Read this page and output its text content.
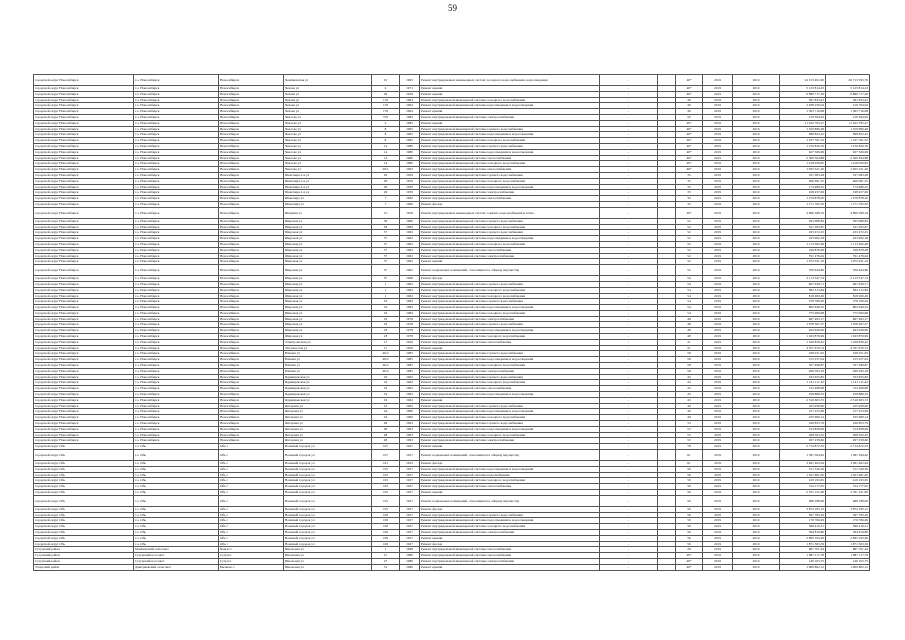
59
городской округ Новосибирск	г.о. Новосибирск	Новосибирск	Чемпионская ул	10	1993	Ремонт внутридомовых инженерных систем: холодного водоснабжения, водоотведения	-		46*	2019	2019	24 153 491,00	20 713 595,76
городской округ Новосибирск	г.о. Новосибирск	Новосибирск	Чехова ул	4	1971	Ремонт крыши	-		46*	2019	2019	5 123 814,23	5 123 814,23
городской округ Новосибирск	г.о. Новосибирск	Новосибирск	Чехова ул	49	1959	Ремонт крыши	-		46*	2019	2019	6 889 717,56	6 889 717,56
городской округ Новосибирск	г.о. Новосибирск	Новосибирск	Чехова ул	176	1964	Ремонт внутридомовой инженерной системы холодного водоснабжения	-		49	2019	2019	581 833,43	581 833,43
городской округ Новосибирск	г.о. Новосибирск	Новосибирск	Чехова ул	176	1964	Ремонт внутридомовой инженерной системы водоотведения и водоотведения	-		49	2019	2019	2 638 256,04	216 764,04
городской округ Новосибирск	г.о. Новосибирск	Новосибирск	Чехова ул	176	1964	Ремонт крыши	-		49	2019	2019	1 563 716,98	1 563 716,98
городской округ Новосибирск	г.о. Новосибирск	Новосибирск	Чкалова ул	579	1984	Ремонт внутридомовой инженерной системы электроснабжения	-		50	2019	2019	216 394,04	216 394,04
городской округ Новосибирск	г.о. Новосибирск	Новосибирск	Чкалова ул	2	1985	Ремонт крыши	-		46*	2019	2019	11 022 795,27	11 022 795,27
городской округ Новосибирск	г.о. Новосибирск	Новосибирск	Чкалова ул	8	1965	Ремонт внутридомовой инженерной системы горячего водоснабжения	-		46*	2019	2019	1 109 896,48	1 109 896,48
городской округ Новосибирск	г.о. Новосибирск	Новосибирск	Чкалова ул	8	1965	Ремонт внутридомовой инженерной системы водоотведения и водоотведения	-		46*	2019	2019	698 823,22	698 823,22
городской округ Новосибирск	г.о. Новосибирск	Новосибирск	Чкалова ул	8	1965	Ремонт внутридомовой инженерной системы холодного водоснабжения	-		46*	2019	2019	1 237 761,52	1 237 761,52
городской округ Новосибирск	г.о. Новосибирск	Новосибирск	Чкалова ул	14	1980	Ремонт внутридомовой инженерной системы горячего водоснабжения	-		46*	2019	2019	1 150 820,76	1 150 820,76
городской округ Новосибирск	г.о. Новосибирск	Новосибирск	Чкалова ул	14	1980	Ремонт внутридомовой инженерной системы водоотведения и водоотведения	-		46*	2019	2019	927 506,99	927 506,99
городской округ Новосибирск	г.о. Новосибирск	Новосибирск	Чкалова ул	14	1980	Ремонт внутридомовой инженерной системы теплоснабжения	-		46*	2019	2019	2 309 364,88	2 309 364,88
городской округ Новосибирск	г.о. Новосибирск	Новосибирск	Чкалова ул	14	1980	Ремонт внутридомовой инженерной системы холодного водоснабжения	-		46*	2019	2019	1 418 056,85	1 418 056,85
городской округ Новосибирск	г.о. Новосибирск	Новосибирск	Чкалова ул	20/1	1963	Ремонт внутридомовой инженерной системы теплоснабжения	-		46*	2019	2019	1 955 521,20	1 955 521,20
городской округ Новосибирск	г.о. Новосибирск	Новосибирск	Шекспира 2-я ул	29	1959	Ремонт внутридомовой инженерной системы горячего водоснабжения	-		35	2019	2019	197 083,28	197 083,28
городской округ Новосибирск	г.о. Новосибирск	Новосибирск	Шекспира 2-я ул	29	1959	Ремонт внутридомовой инженерной системы холодного водоснабжения	-		35	2019	2019	466 691,55	466 691,55
городской округ Новосибирск	г.о. Новосибирск	Новосибирск	Шекспира 2-я ул	29	1959	Ремонт внутридомовой инженерной системы водоотведения и водоотведения	-		35	2019	2019	174 989,52	174 989,52
городской округ Новосибирск	г.о. Новосибирск	Новосибирск	Шекспира 2-я ул	29	1959	Ремонт внутридомовой инженерной системы электроснабжения	-		35	2019	2019	198 457,09	198 457,09
городской округ Новосибирск	г.о. Новосибирск	Новосибирск	Шекспира ул	7	1960	Ремонт внутридомовой инженерной системы теплоснабжения	-		35	2019	2019	1 279 878,20	1 279 878,20
городской округ Новосибирск	г.о. Новосибирск	Новосибирск	Шекспира ул	7	1960	Ремонт фасада	-		35	2019	2019	1 171 765,50	1 171 765,50
городской округ Новосибирск	г.о. Новосибирск	Новосибирск	Шершня ул	1/1	1958	Ремонт внутридомовых инженерных систем: горячего водоснабжения и тепло	-		46*	2019	2019	4 866 398,19	4 866 398,19
городской округ Новосибирск	г.о. Новосибирск	Новосибирск	Широкая ул	59	1960	Ремонт внутридомовой инженерной системы горячего водоснабжения	-		52	2019	2019	293 986,84	293 986,84
городской округ Новосибирск	г.о. Новосибирск	Новосибирск	Широкая ул	59	1960	Ремонт внутридомовой инженерной системы холодного водоснабжения	-		52	2019	2019	521 283,87	521 283,87
городской округ Новосибирск	г.о. Новосибирск	Новосибирск	Широкая ул	57	1962	Ремонт внутридомовой инженерной системы горячего водоснабжения	-		52	2019	2019	433 472,25	433 472,25
городской округ Новосибирск	г.о. Новосибирск	Новосибирск	Широкая ул	57	1962	Ремонт внутридомовой инженерной системы водоотведения и водоотведения	-		52	2019	2019	163 992,18	163 992,18
городской округ Новосибирск	г.о. Новосибирск	Новосибирск	Широкая ул	57	1962	Ремонт внутридомовой инженерной системы холодного водоснабжения	-		52	2019	2019	1 113 362,48	1 113 362,48
городской округ Новосибирск	г.о. Новосибирск	Новосибирск	Широкая ул	57	1962	Ремонт внутридомовой инженерной системы теплоснабжения	-		52	2019	2019	196 878,28	196 878,28
городской округ Новосибирск	г.о. Новосибирск	Новосибирск	Широкая ул	57	1962	Ремонт внутридомовой инженерной системы электроснабжения	-		52	2019	2019	791 476,04	791 476,04
городской округ Новосибирск	г.о. Новосибирск	Новосибирск	Широкая ул	57	1962	Ремонт крыши	-		52	2019	2019	1 972 031,19	1 972 031,19
городской округ Новосибирск	г.о. Новосибирск	Новосибирск	Широкая ул	57	1962	Ремонт подвальных помещений, относящихся к общему имуществу	-		52	2019	2019	706 644,66	706 644,66
городской округ Новосибирск	г.о. Новосибирск	Новосибирск	Широкая ул	57	1968	Ремонт фасада	-		54	2019	2019	2 113 547,74	2 113 547,74
городской округ Новосибирск	г.о. Новосибирск	Новосибирск	Широкая ул	1	1962	Ремонт внутридомовой инженерной системы горячего водоснабжения	-		54	2019	2019	667 639,71	667 639,71
городской округ Новосибирск	г.о. Новосибирск	Новосибирск	Широкая ул	1	1962	Ремонт внутридомовой инженерной системы холодного водоснабжения	-		54	2019	2019	584 313,84	584 313,84
городской округ Новосибирск	г.о. Новосибирск	Новосибирск	Широкая ул	1	1962	Ремонт внутридомовой инженерной системы холодного водоснабжения	-		54	2019	2019	818 269,49	818 269,49
городской округ Новосибирск	г.о. Новосибирск	Новосибирск	Широкая ул	16	1984	Ремонт внутридомовой инженерной системы горячего водоснабжения	-		54	2019	2019	378 766,29	378 766,29
городской округ Новосибирск	г.о. Новосибирск	Новосибирск	Широкая ул	16	1984	Ремонт внутридомовой инженерной системы водоотведения и водоотведения	-		54	2019	2019	862 646,32	862 646,32
городской округ Новосибирск	г.о. Новосибирск	Новосибирск	Широкая ул	16	1984	Ремонт внутридомовой инженерной системы холодного водоснабжения	-		54	2019	2019	775 060,98	775 060,98
городской округ Новосибирск	г.о. Новосибирск	Новосибирск	Широкая ул	18	1978	Ремонт внутридомовой инженерной системы электроснабжения	-		48	2019	2019	667 493,17	667 493,17
городской округ Новосибирск	г.о. Новосибирск	Новосибирск	Широкая ул	18	1978	Ремонт внутридомовой инженерной системы горячего водоснабжения	-		48	2019	2019	1 678 367,57	1 678 367,57
городской округ Новосибирск	г.о. Новосибирск	Новосибирск	Широкая ул	18	1978	Ремонт внутридомовой инженерной системы водоотведения и водоотведения	-		48	2019	2019	943 949,06	943 949,06
городской округ Новосибирск	г.о. Новосибирск	Новосибирск	Широкая ул	18	1978	Ремонт внутридомовой инженерной системы холодного водоснабжения	-		48	2019	2019	1 023 879,99	1 023 879,99
городской округ Новосибирск	г.о. Новосибирск	Новосибирск	Электровозная ул	17	1956	Ремонт внутридомовой инженерной системы теплоснабжения	-		21	2019	2019	1 166 839,42	1 166 839,42
городской округ Новосибирск	г.о. Новосибирск	Новосибирск	Энтузиастов ул	17	1956	Ремонт крыши	-		21	2019	2019	4 707 670,74	4 707 670,74
городской округ Новосибирск	г.о. Новосибирск	Новосибирск	Южная ул	46/2	1985	Ремонт внутридомовой инженерной системы горячего водоснабжения	-		58	2019	2019	168 251,65	168 251,65
городской округ Новосибирск	г.о. Новосибирск	Новосибирск	Южная ул	46/2	1985	Ремонт внутридомовой инженерной системы водоотведения и водоотведения	-		58	2019	2019	155 237,04	155 237,04
городской округ Новосибирск	г.о. Новосибирск	Новосибирск	Южная ул	46/2	1985	Ремонт внутридомовой инженерной системы холодного водоснабжения	-		58	2019	2019	327 496,87	327 496,87
городской округ Новосибирск	г.о. Новосибирск	Новосибирск	Южная ул	46/2	1985	Ремонт внутридомовой инженерной системы электроснабжения	-		58	2019	2019	299 593,18	299 593,18
городской округ Новосибирск	г.о. Новосибирск	Новосибирск	Ядринцевская ул	19	1962	Ремонт внутридомовой инженерной системы горячего водоснабжения	-		43	2019	2019	533 655,82	533 655,82
городской округ Новосибирск	г.о. Новосибирск	Новосибирск	Ядринцевская ул	19	1962	Ремонт внутридомовой инженерной системы холодного водоснабжения	-		43	2019	2019	1 141 111,42	1 141 111,42
городской округ Новосибирск	г.о. Новосибирск	Новосибирск	Ядринцевская ул	19	1962	Ремонт внутридомовой инженерной системы теплоснабжения	-		43	2019	2019	722 468,98	722 468,98
городской округ Новосибирск	г.о. Новосибирск	Новосибирск	Ядринцевская ул	19	1962	Ремонт внутридомовой инженерной системы водоотведения и водоотведения	-		43	2019	2019	458 886,53	458 886,53
городской округ Новосибирск	г.о. Новосибирск	Новосибирск	Ядринцевская ул	19	1962	Ремонт крыши	-		43	2019	2019	2 316 603,72	2 316 603,72
городской округ Новосибирск	г.о. Новосибирск	Новосибирск	Янтарная ул	41	1995	Ремонт внутридомовой инженерной системы горячего водоснабжения	-		49	2019	2019	165 958,00	165 958,00
городской округ Новосибирск	г.о. Новосибирск	Новосибирск	Янтарная ул	44	1990	Ремонт внутридомовой инженерной системы водоотведения и водоотведения	-		49	2019	2019	157 253,69	157 253,69
городской округ Новосибирск	г.о. Новосибирск	Новосибирск	Янтарная ул	44	1990	Ремонт внутридомовой инженерной системы холодного водоснабжения	-		49	2019	2019	235 669,14	235 669,14
городской округ Новосибирск	г.о. Новосибирск	Новосибирск	Янтарная ул	48	1993	Ремонт внутридомовой инженерной системы горячего водоснабжения	-		53	2019	2019	166 853,79	166 853,79
городской округ Новосибирск	г.о. Новосибирск	Новосибирск	Янтарная ул	48	1993	Ремонт внутридомовой инженерной системы водоотведения и водоотведения	-		53	2019	2019	154 828,09	154 828,09
городской округ Новосибирск	г.о. Новосибирск	Новосибирск	Янтарная ул	48	1993	Ремонт внутридомовой инженерной системы холодного водоснабжения	-		53	2019	2019	268 593,52	268 593,52
городской округ Новосибирск	г.о. Новосибирск	Новосибирск	Янтарная ул	48	1993	Ремонт внутридомовой инженерной системы электроснабжения	-		53	2019	2019	297 258,60	297 258,60
городской округ Обь	г.о. Обь	Обь г	Военный городок ул	107	1927	Ремонт крыши	-		78	2019	2019	2 714 872,33	2 714 872,33
городской округ Обь	г.о. Обь	Обь г	Военный городок ул	107	1927	Ремонт подвальных помещений, относящихся к общему имуществу	-		61	2019	2019	1 581 594,62	1 581 594,62
городской округ Обь	г.о. Обь	Обь г	Военный городок ул	101	1925	Ремонт фасада	-		61	2019	2019	3 281 402,64	3 281 402,64
городской округ Обь	г.о. Обь	Обь г	Военный городок ул	105	1927	Ремонт внутридомовой инженерной системы водоотведения и водоотведения	-		56	2019	2019	151 526,36	151 526,36
городской округ Обь	г.о. Обь	Обь г	Военный городок ул	105	1927	Ремонт внутридомовой инженерной системы водоснабжения	-		56	2019	2019	1 021 691,00	1 021 691,00
городской округ Обь	г.о. Обь	Обь г	Военный городок ул	105	1927	Ремонт внутридомовой инженерной системы холодного водоснабжения	-		56	2019	2019	419 193,65	419 193,65
городской округ Обь	г.о. Обь	Обь г	Военный городок ул	105	1927	Ремонт внутридомовой инженерной системы теплоснабжения	-		56	2019	2019	724 177,05	724 177,05
городской округ Обь	г.о. Обь	Обь г	Военный городок ул	105	1927	Ремонт крыши	-		56	2019	2019	2 791 151,96	2 791 151,96
городской округ Обь	г.о. Обь	Обь г	Военный городок ул	105	1927	Ремонт подвальных помещений, относящихся к общему имуществу	-		56	2019	2019	488 188,06	488 188,06
городской округ Обь	г.о. Обь	Обь г	Военный городок ул	105	1927	Ремонт фасада	-		56	2019	2019	3 874 185,12	3 874 185,12
городской округ Обь	г.о. Обь	Обь г	Военный городок ул	106	1927	Ремонт внутридомовой инженерной системы горячего водоснабжения	-		56	2019	2019	397 783,29	397 783,29
городской округ Обь	г.о. Обь	Обь г	Военный городок ул	106	1927	Ремонт внутридомовой инженерной системы водоотведения и водоотведения	-		56	2019	2019	176 766,09	176 766,09
городской округ Обь	г.о. Обь	Обь г	Военный городок ул	106	1927	Ремонт внутридомовой инженерной системы холодного водоснабжения	-		56	2019	2019	399 416,31	399 416,31
городской округ Обь	г.о. Обь	Обь г	Военный городок ул	106	1927	Ремонт внутридомовой инженерной системы электроснабжения	-		56	2019	2019	394 819,86	394 819,86
городской округ Обь	г.о. Обь	Обь г	Военный городок ул	106	1927	Ремонт крыши	-		56	2019	2019	2 893 193,06	2 893 193,06
городской округ Обь	г.о. Обь	Обь г	Военный городок ул	106	1927	Ремонт фасада	-		56	2019	2019	1 871 563,39	1 871 563,39
Сузунский район	Мошковский сельсовет	Каргат с	Школьная ул	1	1968	Ремонт внутридомовой инженерной системы теплоснабжения	-		29	2019	2019	867 701,44	867 701,44
Сузунский район	Сузунский поссовет	Сузун п	Школьная ул	27	1986	Ремонт внутридомовой инженерной системы теплоснабжения	-		49*	2019	2019	1 887 117,78	1 887 117,78
Сузунский район	Сузунский поссовет	Сузун п	Школьная ул	27	1986	Ремонт внутридомовой инженерной системы электроснабжения	-		49*	2019	2019	146 103,75	146 103,75
Татарский район	Дмитриевский сельсовет	Бычково с	Школьная ул	31	1980	Ремонт крыши	-		49*	2019	2019	1 900 802,12	1 900 802,12
